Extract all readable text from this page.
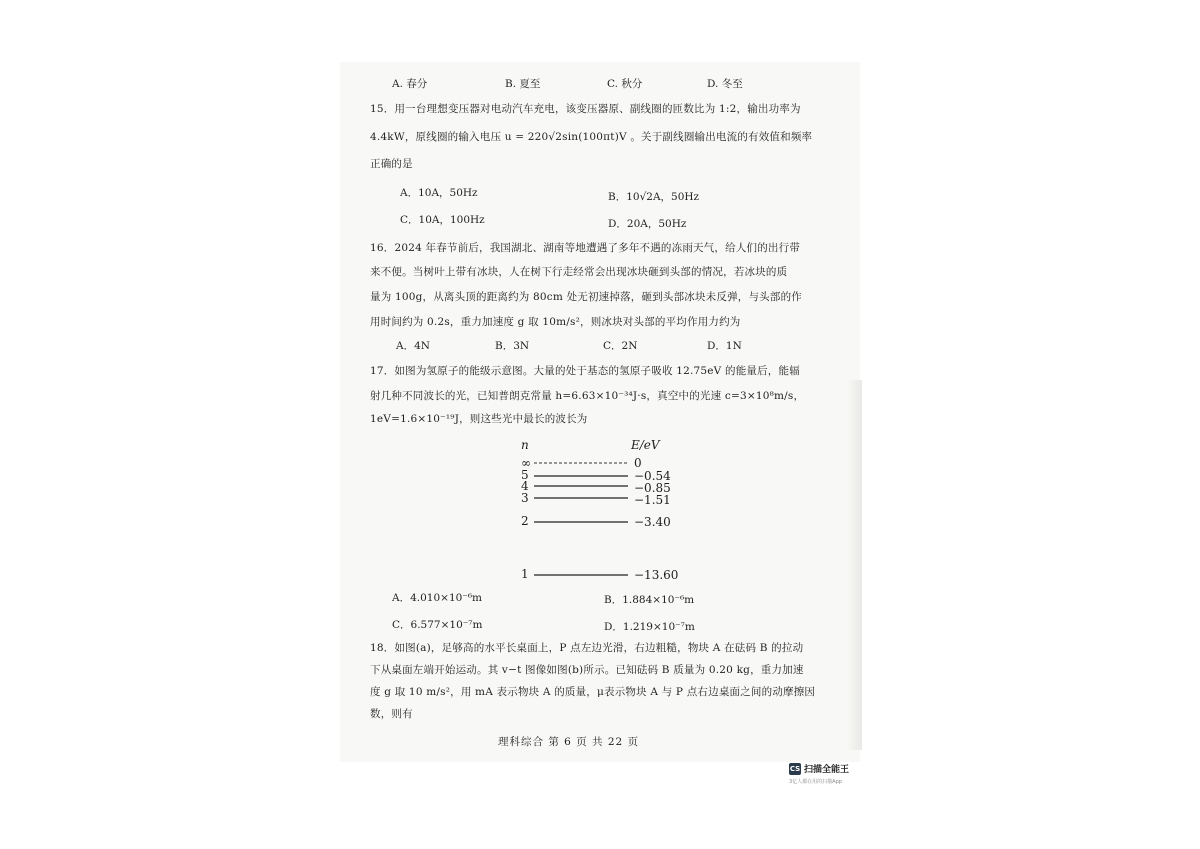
A. 春分	B. 夏至	C. 秋分	D. 冬至
15．用一台理想变压器对电动汽车充电，该变压器原、副线圈的匝数比为 1:2，输出功率为
4.4kW，原线圈的输入电压 u = 220√2sin(100πt)V 。关于副线圈输出电流的有效值和频率
正确的是
A．10A，50Hz	B．10√2A，50Hz
C．10A，100Hz	D．20A，50Hz
16．2024 年春节前后，我国湖北、湖南等地遭遇了多年不遇的冻雨天气，给人们的出行带
来不便。当树叶上带有冰块，人在树下行走经常会出现冰块砸到头部的情况，若冰块的质
量为 100g，从离头顶的距离约为 80cm 处无初速掉落，砸到头部冰块未反弹，与头部的作
用时间约为 0.2s，重力加速度 g 取 10m/s²，则冰块对头部的平均作用力约为
A．4N	B．3N	C．2N	D．1N
17．如图为氢原子的能级示意图。大量的处于基态的氢原子吸收 12.75eV 的能量后，能辐
射几种不同波长的光，已知普朗克常量 h=6.63×10⁻³⁴J·s，真空中的光速 c=3×10⁸m/s，
1eV=1.6×10⁻¹⁹J，则这些光中最长的波长为
n	E/eV
∞	0
5	−0.54
4	−0.85
3	−1.51
2	−3.40
1	−13.60
A．4.010×10⁻⁶m	B．1.884×10⁻⁶m
C．6.577×10⁻⁷m	D．1.219×10⁻⁷m
18．如图(a)，足够高的水平长桌面上，P 点左边光滑，右边粗糙，物块 A 在砝码 B 的拉动
下从桌面左端开始运动。其 v−t 图像如图(b)所示。已知砝码 B 质量为 0.20 kg，重力加速
度 g 取 10 m/s²，用 mA 表示物块 A 的质量，μ表示物块 A 与 P 点右边桌面之间的动摩擦因
数，则有
理科综合 第 6 页 共 22 页
CS 扫描全能王
3亿人都在用的扫描App
